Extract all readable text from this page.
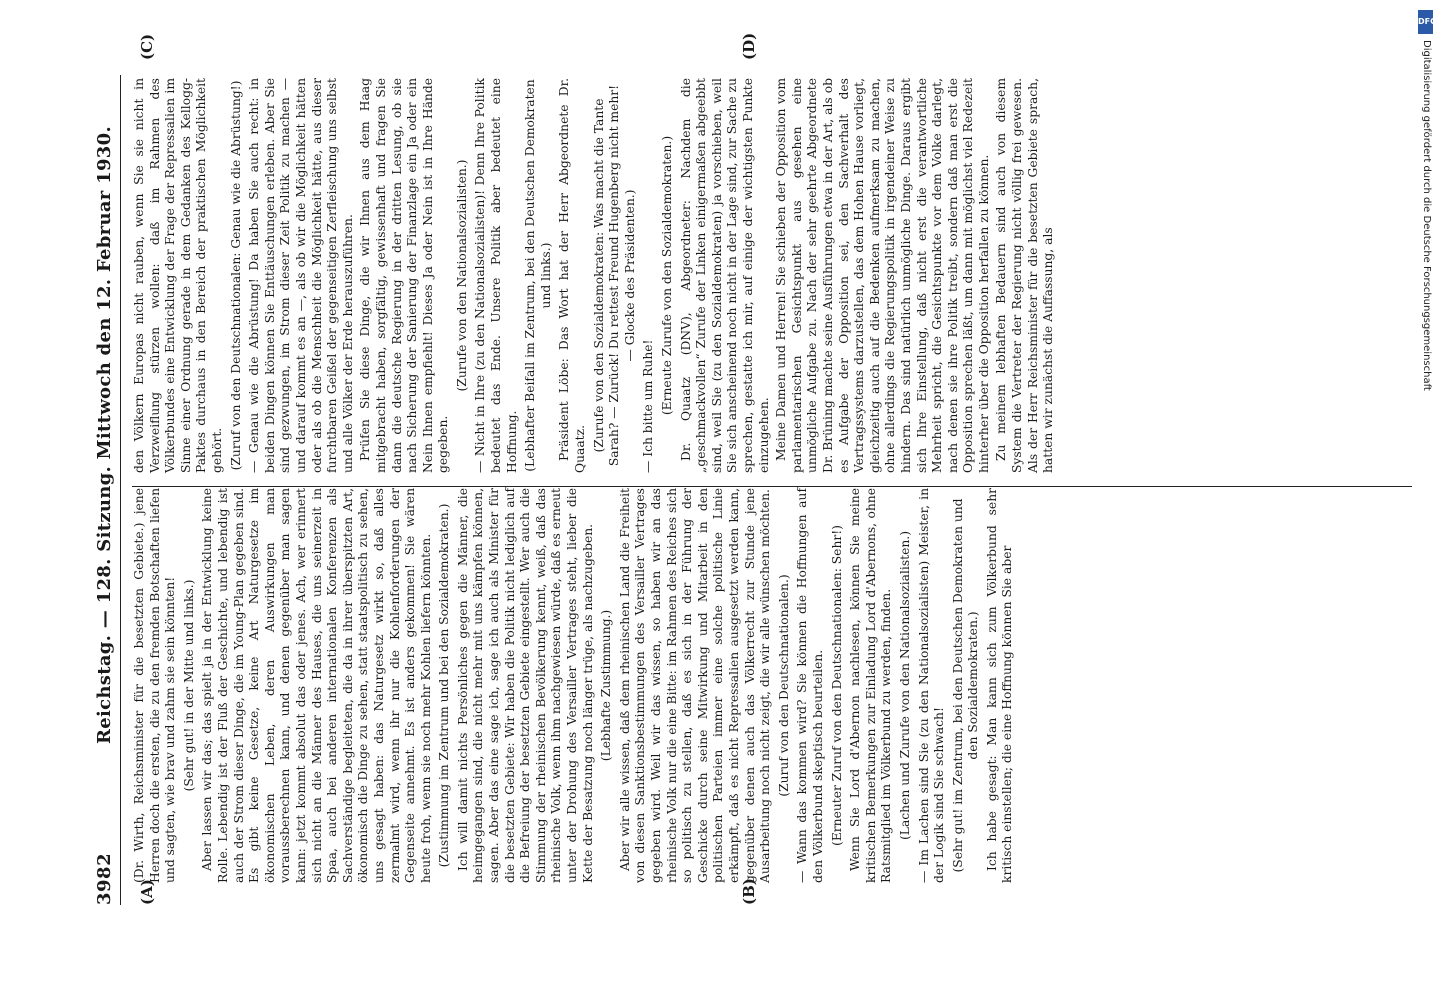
3982
Reichstag. — 128. Sitzung. Mittwoch den 12. Februar 1930.
(A)	(B)
(C)	(D)

(Dr. Wirth, Reichsminister für die besetzten Gebiete.) jene Herren doch die ersten, die zu den fremden Botschaften liefen und sagten, wie brav und zahm sie sein könnten! (Sehr gut! in der Mitte und links.) Aber lassen wir das; das spielt ja in der Entwicklung keine Rolle. Lebendig ist der Fluß der Geschichte, und lebendig ist auch der Strom dieser Dinge, die im Young-Plan gegeben sind. Es gibt keine Gesetze, keine Art Naturgesetze im ökonomischen Leben, deren Auswirkungen man voraussberechnen kann, und denen gegenüber man sagen kann: jetzt kommt absolut das oder jenes. Ach, wer erinnert sich nicht an die Männer des Hauses, die uns seinerzeit in Spaa, auch bei anderen internationalen Konferenzen als Sachverständige begleiteten, die da in ihrer überspitzten Art, ökonomisch die Dinge zu sehen, statt staatspolitisch zu sehen, uns gesagt haben: das Naturgesetz wirkt so, daß alles zermalmt wird, wenn ihr nur die Kohlenforderungen der Gegenseite annehmt. Es ist anders gekommen! Sie wären heute froh, wenn sie noch mehr Kohlen liefern könnten. (Zustimmung im Zentrum und bei den Sozialdemokraten.) Ich will damit nichts Persönliches gegen die Männer, die heimgegangen sind, die nicht mehr mit uns kämpfen können, sagen. Aber das eine sage ich, sage ich auch als Minister für die besetzten Gebiete: Wir haben die Politik nicht lediglich auf die Befreiung der besetzten Gebiete eingestellt. Wer auch die Stimmung der rheinischen Bevölkerung kennt, weiß, daß das rheinische Volk, wenn ihm nachgewiesen würde, daß es erneut unter der Drohung des Versailler Vertrages steht, lieber die Kette der Besatzung noch länger trüge, als nachzugeben. (Lebhafte Zustimmung.) Aber wir alle wissen, daß dem rheinischen Land die Freiheit von diesen Sanktionsbestimmungen des Versailler Vertrages gegeben wird. Weil wir das wissen, so haben wir an das rheinische Volk nur die eine Bitte: im Rahmen des Reiches sich so politisch zu stellen, daß es sich in der Führung der Geschicke durch seine Mitwirkung und Mitarbeit in den politischen Parteien immer eine solche politische Linie erkämpft, daß es nicht Repressalien ausgesetzt werden kann, gegenüber denen auch das Völkerrecht zur Stunde jene Ausarbeitung noch nicht zeigt, die wir alle wünschen möchten. (Zuruf von den Deutschnationalen.) — Wann das kommen wird? Sie können die Hoffnungen auf den Völkerbund skeptisch beurteilen. (Erneuter Zuruf von den Deutschnationalen: Sehr!) Wenn Sie Lord d'Abernon nachlesen, können Sie meine kritischen Bemerkungen zur Einladung Lord d'Abernons, ohne Ratsmitglied im Völkerbund zu werden, finden. (Lachen und Zurufe von den Nationalsozialisten.) — Im Lachen sind Sie (zu den Nationalsozialisten) Meister, in der Logik sind Sie schwach! (Sehr gut! im Zentrum, bei den Deutschen Demokraten und den Sozialdemokraten.) Ich habe gesagt: Man kann sich zum Völkerbund sehr kritisch einstellen; die eine Hoffnung können Sie aber

den Völkern Europas nicht rauben, wenn Sie sie nicht in Verzweiflung stürzen wollen: daß im Rahmen des Völkerbundes eine Entwicklung der Frage der Repressalien im Sinne einer Ordnung gerade in dem Gedanken des Kellogg-Paktes durchaus in den Bereich der praktischen Möglichkeit gehört. (Zuruf von den Deutschnationalen: Genau wie die Abrüstung!) — Genau wie die Abrüstung! Da haben Sie auch recht: in beiden Dingen können Sie Enttäuschungen erleben. Aber Sie sind gezwungen, im Strom dieser Zeit Politik zu machen — und darauf kommt es an —, als ob wir die Möglichkeit hätten oder als ob die Menschheit die Möglichkeit hätte, aus dieser furchtbaren Geißel der gegenseitigen Zerfleischung uns selbst und alle Völker der Erde herauszuführen. Prüfen Sie diese Dinge, die wir Ihnen aus dem Haag mitgebracht haben, sorgfältig, gewissenhaft und fragen Sie dann die deutsche Regierung in der dritten Lesung, ob sie nach Sicherung der Sanierung der Finanzlage ein Ja oder ein Nein Ihnen empfiehlt! Dieses Ja oder Nein ist in Ihre Hände gegeben.

(Zurufe von den Nationalsozialisten.) — Nicht in Ihre (zu den Nationalsozialisten)! Denn Ihre Politik bedeutet das Ende. Unsere Politik aber bedeutet eine Hoffnung. (Lebhafter Beifall im Zentrum, bei den Deutschen Demokraten und links.) Präsident Löbe: Das Wort hat der Herr Abgeordnete Dr. Quaatz. (Zurufe von den Sozialdemokraten: Was macht die Tante Sarah? — Zurück! Du rettest Freund Hugenberg nicht mehr! — Glocke des Präsidenten.)

— Ich bitte um Ruhe! (Erneute Zurufe von den Sozialdemokraten.) Dr. Quaatz (DNV), Abgeordneter: Nachdem die „geschmackvollen“ Zurufe der Linken einigermaßen abgeebbt sind, weil Sie (zu den Sozialdemokraten) ja vorschieben, weil Sie sich anscheinend noch nicht in der Lage sind, zur Sache zu sprechen, gestatte ich mir, auf einige der wichtigsten Punkte einzugehen. Meine Damen und Herren! Sie schieben der Opposition vom parlamentarischen Gesichtspunkt aus gesehen eine unmögliche Aufgabe zu. Nach der sehr geehrte Abgeordnete Dr. Brüning machte seine Ausführungen etwa in der Art, als ob es Aufgabe der Opposition sei, den Sachverhalt des Vertragssystems darzustellen, das dem Hohen Hause vorliegt, gleichzeitig auch auf die Bedenken aufmerksam zu machen, ohne allerdings die Regierungspolitik in irgendeiner Weise zu hindern. Das sind natürlich unmögliche Dinge. Daraus ergibt sich Ihre Einstellung, daß nicht erst die verantwortliche Mehrheit spricht, die Gesichtspunkte vor dem Volke darlegt, nach denen sie ihre Politik treibt, sondern daß man erst die Opposition sprechen läßt, um dann mit möglichst viel Redezeit hinterher über die Opposition herfallen zu können. Zu meinem lebhaften Bedauern sind auch von diesem System die Vertreter der Regierung nicht völlig frei gewesen. Als der Herr Reichsminister für die besetzten Gebiete sprach, hatten wir zunächst die Auffassung, als

DFG
Digitalisierung gefördert durch die Deutsche Forschungsgemeinschaft
